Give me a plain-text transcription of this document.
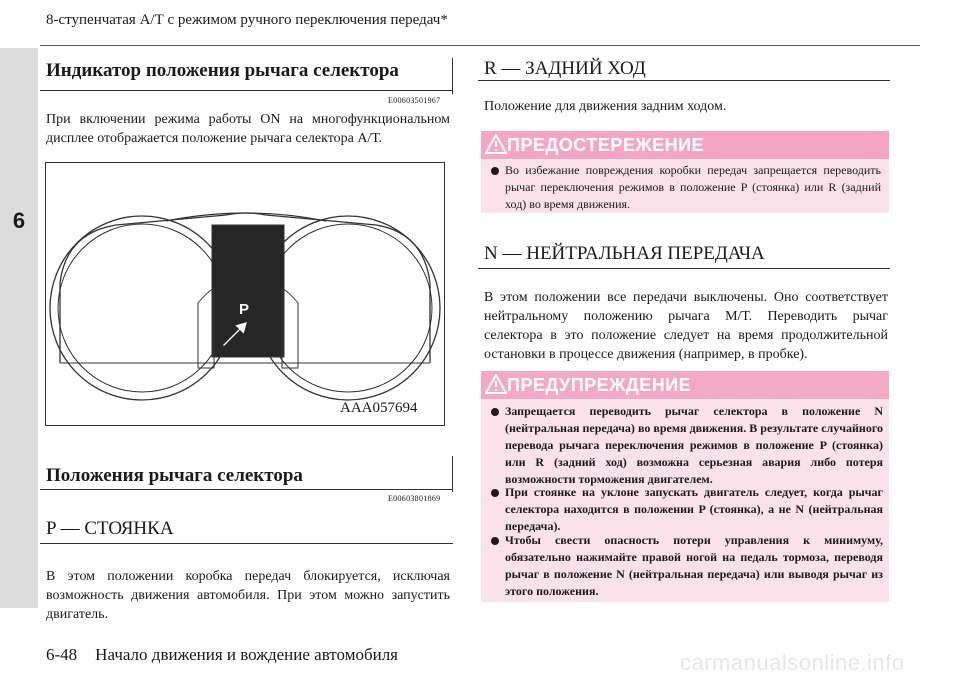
8-ступенчатая А/Т с режимом ручного переключения передач*
6
Индикатор положения рычага селектора
E00603501967
При включении режима работы ON на многофункциональном дисплее отображается положение рычага селектора А/Т.
P
AAA057694
Положения рычага селектора
E00603801869
P — СТОЯНКА
В этом положении коробка передач блокируется, исключая возможность движения автомобиля. При этом можно запустить двигатель.
R — ЗАДНИЙ ХОД
Положение для движения задним ходом.
ПРЕДОСТЕРЕЖЕНИЕ
Во избежание повреждения коробки передач запрещается переводить рычаг переключения режимов в положение P (стоянка) или R (задний ход) во время движения.
N — НЕЙТРАЛЬНАЯ ПЕРЕДАЧА
В этом положении все передачи выключены. Оно соответствует нейтральному положению рычага М/Т. Переводить рычаг селектора в это положение следует на время продолжительной остановки в процессе движения (например, в пробке).
ПРЕДУПРЕЖДЕНИЕ
Запрещается переводить рычаг селектора в положение N (нейтральная передача) во время движения. В результате случайного перевода рычага переключения режимов в положение P (стоянка) или R (задний ход) возможна серьезная авария либо потеря возможности торможения двигателем.
При стоянке на уклоне запускать двигатель следует, когда рычаг селектора находится в положении P (стоянка), а не N (нейтральная передача).
Чтобы свести опасность потери управления к минимуму, обязательно нажимайте правой ногой на педаль тормоза, переводя рычаг в положение N (нейтральная передача) или выводя рычаг из этого положения.
6-48 Начало движения и вождение автомобиля	carmanualsonline.info
